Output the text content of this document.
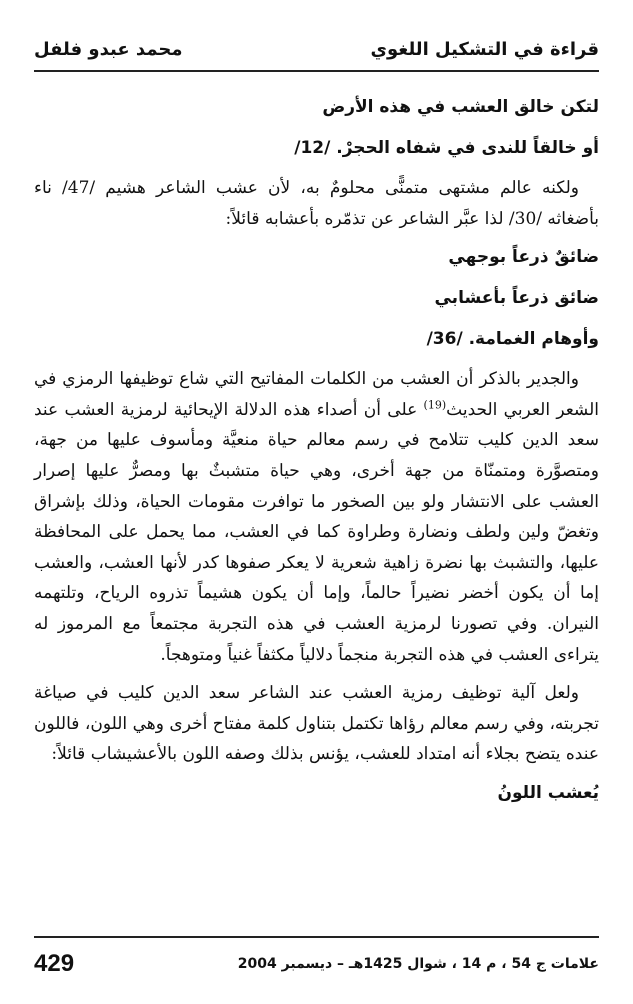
قراءة في التشكيل اللغوي
محمد عبدو فلفل
لتكن خالق العشب في هذه الأرض
أو خالقاً للندى في شفاه الحجرْ. /12/
ولكنه عالم مشتهى متمنًّى محلومٌ به، لأن عشب الشاعر هشيم /47/ ناء بأضغاثه /30/ لذا عبَّر الشاعر عن تذمّره بأعشابه قائلاً:
ضائقٌ ذرعاً بوجهي
ضائق ذرعاً بأعشابي
وأوهام الغمامة. /36/
والجدير بالذكر أن العشب من الكلمات المفاتيح التي شاع توظيفها الرمزي في الشعر العربي الحديث$^{(19)}$ على أن أصداء هذه الدلالة الإيحائية لرمزية العشب عند سعد الدين كليب تتلامح في رسم معالم حياة منعيَّة ومأسوف عليها من جهة، ومتصوَّرة ومتمنّاة من جهة أخرى، وهي حياة متشبثٌ بها ومصرٌّ عليها إصرار العشب على الانتشار ولو بين الصخور ما توافرت مقومات الحياة، وذلك بإشراق وتغضّ ولين ولطف ونضارة وطراوة كما في العشب، مما يحمل على المحافظة عليها، والتشبث بها نضرة زاهية شعرية لا يعكر صفوها كدر لأنها العشب، والعشب إما أن يكون أخضر نضيراً حالماً، وإما أن يكون هشيماً تذروه الرياح، وتلتهمه النيران. وفي تصورنا لرمزية العشب في هذه التجربة مجتمعاً مع المرموز له يتراءى العشب في هذه التجربة منجماً دلالياً مكثفاً غنياً ومتوهجاً.
ولعل آلية توظيف رمزية العشب عند الشاعر سعد الدين كليب في صياغة تجربته، وفي رسم معالم رؤاها تكتمل بتناول كلمة مفتاح أخرى وهي اللون، فاللون عنده يتضح بجلاء أنه امتداد للعشب، يؤنس بذلك وصفه اللون بالأعشيشاب قائلاً:
يُعشب اللونُ
علامات ج 54 ، م 14 ، شوال 1425هـ – ديسمبر 2004
429
